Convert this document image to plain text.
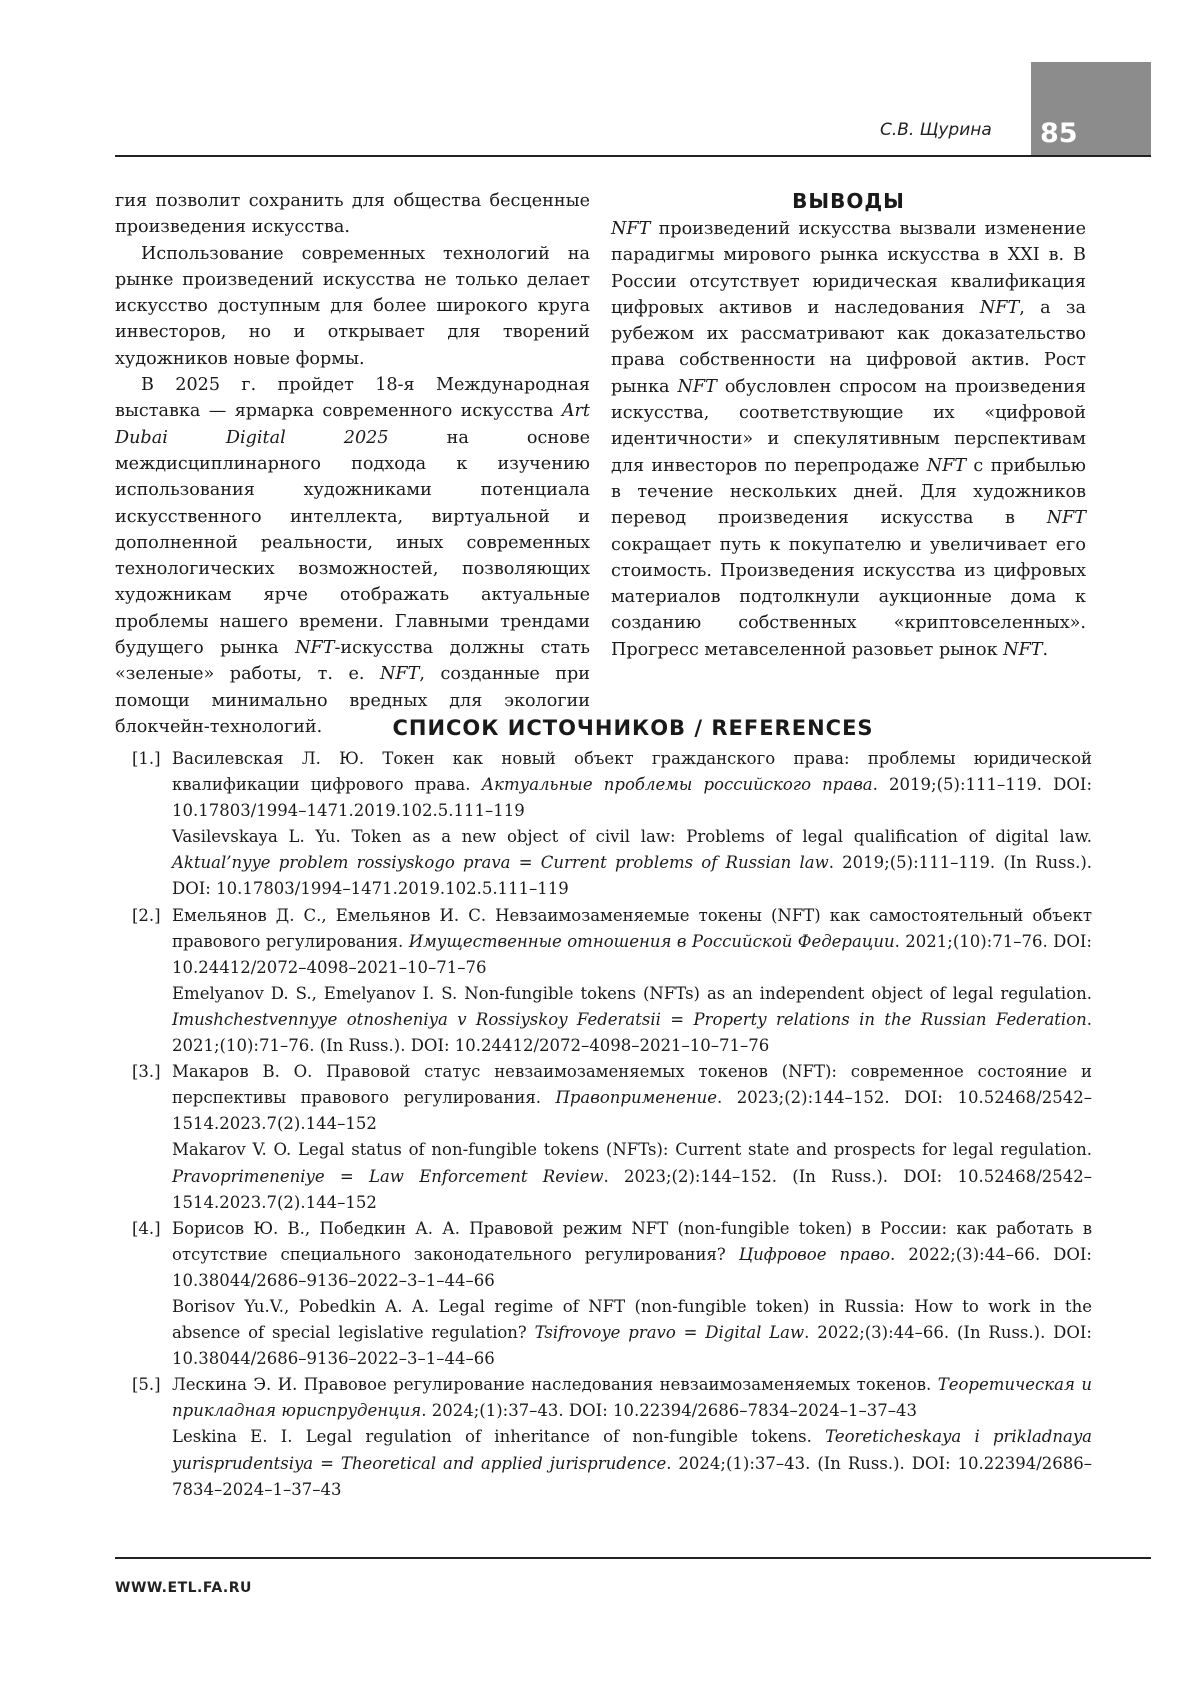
С.В. Щурина	85

гия позволит сохранить для общества бесценные произведения искусства.

Использование современных технологий на рынке произведений искусства не только делает искусство доступным для более широкого круга инвесторов, но и открывает для творений художников новые формы.

В 2025 г. пройдет 18-я Международная выставка — ярмарка современного искусства Art Dubai Digital 2025 на основе междисциплинарного подхода к изучению использования художниками потенциала искусственного интеллекта, виртуальной и дополненной реальности, иных современных технологических возможностей, позволяющих художникам ярче отображать актуальные проблемы нашего времени. Главными трендами будущего рынка NFT-искусства должны стать «зеленые» работы, т. е. NFT, созданные при помощи минимально вредных для экологии блокчейн-технологий.

ВЫВОДЫ

NFT произведений искусства вызвали изменение парадигмы мирового рынка искусства в XXI в. В России отсутствует юридическая квалификация цифровых активов и наследования NFT, а за рубежом их рассматривают как доказательство права собственности на цифровой актив. Рост рынка NFT обусловлен спросом на произведения искусства, соответствующие их «цифровой идентичности» и спекулятивным перспективам для инвесторов по перепродаже NFT с прибылью в течение нескольких дней. Для художников перевод произведения искусства в NFT сокращает путь к покупателю и увеличивает его стоимость. Произведения искусства из цифровых материалов подтолкнули аукционные дома к созданию собственных «криптовселенных». Прогресс метавселенной разовьет рынок NFT.

СПИСОК ИСТОЧНИКОВ / REFERENCES
[1.] Василевская Л. Ю. Токен как новый объект гражданского права: проблемы юридической квалификации цифрового права. Актуальные проблемы российского права. 2019;(5):111–119. DOI: 10.17803/1994–1471.2019.102.5.111–119

Vasilevskaya L. Yu. Token as a new object of civil law: Problems of legal qualification of digital law. Aktual’nyye problem rossiyskogo prava = Current problems of Russian law. 2019;(5):111–119. (In Russ.). DOI: 10.17803/1994–1471.2019.102.5.111–119

[2.] Емельянов Д. С., Емельянов И. С. Невзаимозаменяемые токены (NFT) как самостоятельный объект правового регулирования. Имущественные отношения в Российской Федерации. 2021;(10):71–76. DOI: 10.24412/2072–4098–2021–10–71–76

Emelyanov D. S., Emelyanov I. S. Non-fungible tokens (NFTs) as an independent object of legal regulation. Imushchestvennyye otnosheniya v Rossiyskoy Federatsii = Property relations in the Russian Federation. 2021;(10):71–76. (In Russ.). DOI: 10.24412/2072–4098–2021–10–71–76

[3.] Макаров В. О. Правовой статус невзаимозаменяемых токенов (NFT): современное состояние и перспективы правового регулирования. Правоприменение. 2023;(2):144–152. DOI: 10.52468/2542–1514.2023.7(2).144–152

Makarov V. O. Legal status of non-fungible tokens (NFTs): Current state and prospects for legal regulation. Pravoprimeneniye = Law Enforcement Review. 2023;(2):144–152. (In Russ.). DOI: 10.52468/2542–1514.2023.7(2).144–152

[4.] Борисов Ю. В., Победкин А. А. Правовой режим NFT (non-fungible token) в России: как работать в отсутствие специального законодательного регулирования? Цифровое право. 2022;(3):44–66. DOI: 10.38044/2686–9136–2022–3–1–44–66

Borisov Yu.V., Pobedkin A. A. Legal regime of NFT (non-fungible token) in Russia: How to work in the absence of special legislative regulation? Tsifrovoye pravo = Digital Law. 2022;(3):44–66. (In Russ.). DOI: 10.38044/2686–9136–2022–3–1–44–66

[5.] Лескина Э. И. Правовое регулирование наследования невзаимозаменяемых токенов. Теоретическая и прикладная юриспруденция. 2024;(1):37–43. DOI: 10.22394/2686–7834–2024–1–37–43

Leskina E. I. Legal regulation of inheritance of non-fungible tokens. Teoreticheskaya i prikladnaya yurisprudentsiya = Theoretical and applied jurisprudence. 2024;(1):37–43. (In Russ.). DOI: 10.22394/2686–7834–2024–1–37–43

WWW.ETL.FA.RU
